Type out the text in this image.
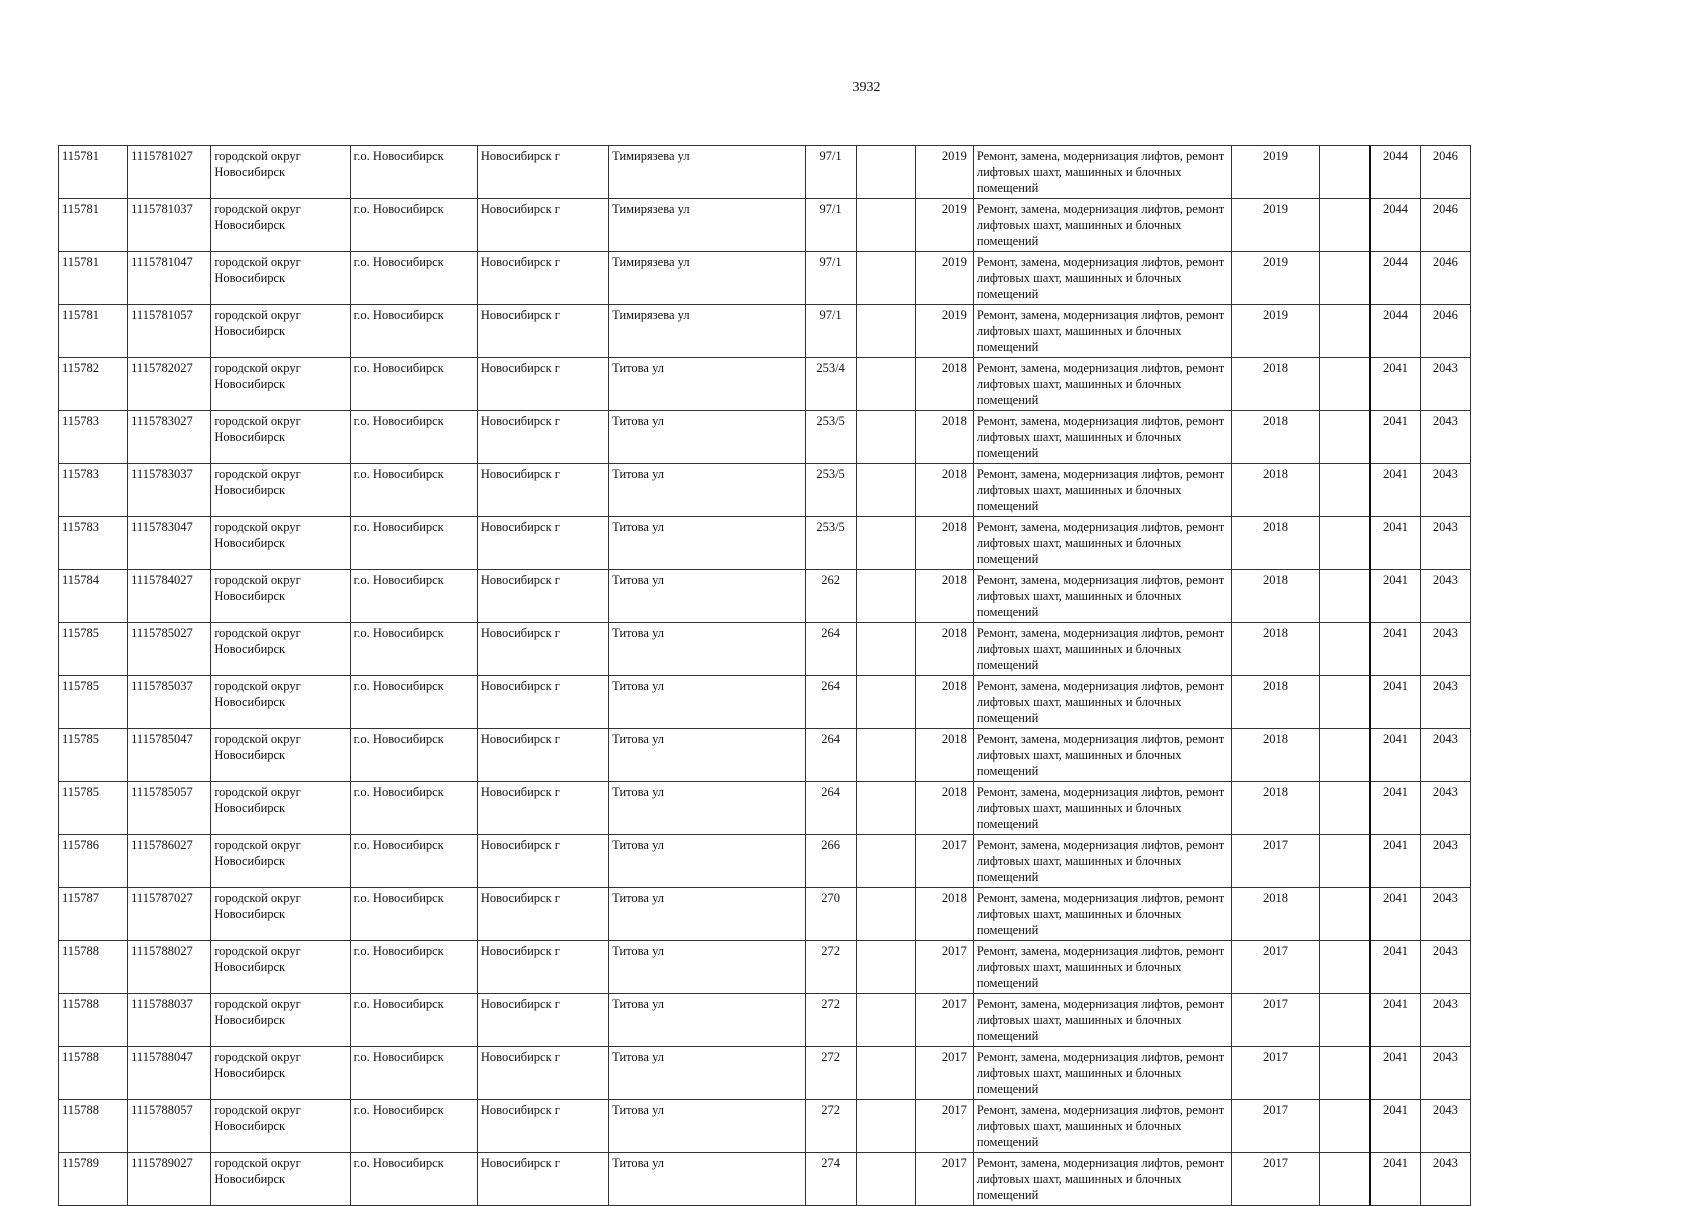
3932
115781	1115781027	городской округ Новосибирск	г.о. Новосибирск	Новосибирск г	Тимирязева ул	97/1		2019	Ремонт, замена, модернизация лифтов, ремонт лифтовых шахт, машинных и блочных помещений	2019		2044	2046
115781	1115781037	городской округ Новосибирск	г.о. Новосибирск	Новосибирск г	Тимирязева ул	97/1		2019	Ремонт, замена, модернизация лифтов, ремонт лифтовых шахт, машинных и блочных помещений	2019		2044	2046
115781	1115781047	городской округ Новосибирск	г.о. Новосибирск	Новосибирск г	Тимирязева ул	97/1		2019	Ремонт, замена, модернизация лифтов, ремонт лифтовых шахт, машинных и блочных помещений	2019		2044	2046
115781	1115781057	городской округ Новосибирск	г.о. Новосибирск	Новосибирск г	Тимирязева ул	97/1		2019	Ремонт, замена, модернизация лифтов, ремонт лифтовых шахт, машинных и блочных помещений	2019		2044	2046
115782	1115782027	городской округ Новосибирск	г.о. Новосибирск	Новосибирск г	Титова ул	253/4		2018	Ремонт, замена, модернизация лифтов, ремонт лифтовых шахт, машинных и блочных помещений	2018		2041	2043
115783	1115783027	городской округ Новосибирск	г.о. Новосибирск	Новосибирск г	Титова ул	253/5		2018	Ремонт, замена, модернизация лифтов, ремонт лифтовых шахт, машинных и блочных помещений	2018		2041	2043
115783	1115783037	городской округ Новосибирск	г.о. Новосибирск	Новосибирск г	Титова ул	253/5		2018	Ремонт, замена, модернизация лифтов, ремонт лифтовых шахт, машинных и блочных помещений	2018		2041	2043
115783	1115783047	городской округ Новосибирск	г.о. Новосибирск	Новосибирск г	Титова ул	253/5		2018	Ремонт, замена, модернизация лифтов, ремонт лифтовых шахт, машинных и блочных помещений	2018		2041	2043
115784	1115784027	городской округ Новосибирск	г.о. Новосибирск	Новосибирск г	Титова ул	262		2018	Ремонт, замена, модернизация лифтов, ремонт лифтовых шахт, машинных и блочных помещений	2018		2041	2043
115785	1115785027	городской округ Новосибирск	г.о. Новосибирск	Новосибирск г	Титова ул	264		2018	Ремонт, замена, модернизация лифтов, ремонт лифтовых шахт, машинных и блочных помещений	2018		2041	2043
115785	1115785037	городской округ Новосибирск	г.о. Новосибирск	Новосибирск г	Титова ул	264		2018	Ремонт, замена, модернизация лифтов, ремонт лифтовых шахт, машинных и блочных помещений	2018		2041	2043
115785	1115785047	городской округ Новосибирск	г.о. Новосибирск	Новосибирск г	Титова ул	264		2018	Ремонт, замена, модернизация лифтов, ремонт лифтовых шахт, машинных и блочных помещений	2018		2041	2043
115785	1115785057	городской округ Новосибирск	г.о. Новосибирск	Новосибирск г	Титова ул	264		2018	Ремонт, замена, модернизация лифтов, ремонт лифтовых шахт, машинных и блочных помещений	2018		2041	2043
115786	1115786027	городской округ Новосибирск	г.о. Новосибирск	Новосибирск г	Титова ул	266		2017	Ремонт, замена, модернизация лифтов, ремонт лифтовых шахт, машинных и блочных помещений	2017		2041	2043
115787	1115787027	городской округ Новосибирск	г.о. Новосибирск	Новосибирск г	Титова ул	270		2018	Ремонт, замена, модернизация лифтов, ремонт лифтовых шахт, машинных и блочных помещений	2018		2041	2043
115788	1115788027	городской округ Новосибирск	г.о. Новосибирск	Новосибирск г	Титова ул	272		2017	Ремонт, замена, модернизация лифтов, ремонт лифтовых шахт, машинных и блочных помещений	2017		2041	2043
115788	1115788037	городской округ Новосибирск	г.о. Новосибирск	Новосибирск г	Титова ул	272		2017	Ремонт, замена, модернизация лифтов, ремонт лифтовых шахт, машинных и блочных помещений	2017		2041	2043
115788	1115788047	городской округ Новосибирск	г.о. Новосибирск	Новосибирск г	Титова ул	272		2017	Ремонт, замена, модернизация лифтов, ремонт лифтовых шахт, машинных и блочных помещений	2017		2041	2043
115788	1115788057	городской округ Новосибирск	г.о. Новосибирск	Новосибирск г	Титова ул	272		2017	Ремонт, замена, модернизация лифтов, ремонт лифтовых шахт, машинных и блочных помещений	2017		2041	2043
115789	1115789027	городской округ Новосибирск	г.о. Новосибирск	Новосибирск г	Титова ул	274		2017	Ремонт, замена, модернизация лифтов, ремонт лифтовых шахт, машинных и блочных помещений	2017		2041	2043
